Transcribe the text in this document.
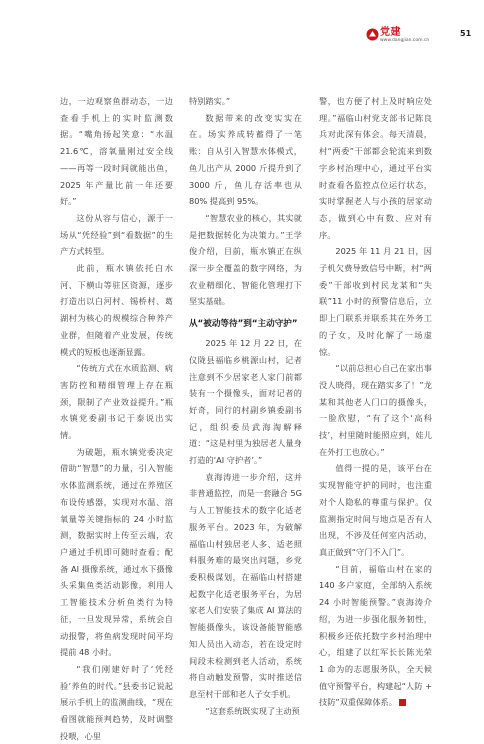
党建
www.dangjian.com.cn
51

边，一边观察鱼群动态，一边查看手机上的实时监测数据。“嘴角扬起笑意：“水温 21.6℃，溶氧量刚过安全线——再等一段时间就能出鱼，2025 年产量比前一年还要好。”

这份从容与信心，源于一场从“凭经验”到“看数据”的生产方式转型。

此前，瓶水镇依托白水河、下横山等驻区资源，逐步打造出以白河村、锡桥村、葛湖村为核心的规模综合种养产业群，但随着产业发展，传统模式的短板也逐渐显露。

“传统方式在水质监测、病害防控和精细管理上存在瓶颈，限制了产业效益提升。”瓶水镇党委副书记于泰说出实情。

为破题，瓶水镇党委决定借助“智慧”的力量，引入智能水体监测系统，通过在养殖区布设传感器，实现对水温、溶氧量等关键指标的 24 小时监测，数据实时上传至云端，农户通过手机即可随时查看；配备 AI 摄像系统，通过水下摄像头采集鱼类活动影像，利用人工智能技术分析鱼类行为特征，一旦发现异常，系统会自动报警，将鱼病发现时间平均提前 48 小时。

“我们刚建好时了‘凭经验’养鱼的时代。”县委书记说起展示手机上的监测曲线，“现在看图就能预判趋势，及时调整投喂，心里

特别踏实。”

数据带来的改变实实在在。场实养成转蓄得了一笔账：自从引入智慧水体模式，鱼儿出产从 2000 斤提升到了 3000 斤，鱼儿存活率也从 80% 提高到 95%。

“智慧农业的核心，其实就是把数据转化为决策力。”王学俊介绍，目前，瓶水镇正在纵深一步全覆盖的数字网络，为农业精细化、智能化管理打下坚实基础。

从“被动等待”到“主动守护”

2025 年 12 月 22 日，在仪陇县福临乡桃源山村，记者注意到不少居家老人家门前都装有一个摄像头，面对记者的好奇，同行的村副乡镇委副书记，组织委员武海淘解释道：“这是村里为独居老人量身打造的‘AI 守护者’。”

袁海涛进一步介绍，这并非普通监控，而是一套融合 5G 与人工智能技术的数字化适老服务平台。2023 年，为破解福临山村独居老人多、适老照料服务难的最突出问题，乡党委积极谋划，在福临山村搭建起数字化适老服务平台，为居家老人们安装了集成 AI 算法的智能摄像头，该设备能智能感知人员出入动态，若在设定时间段未检测到老人活动，系统将自动触发预警，实时推送信息至村干部和老人子女手机。

“这套系统既实现了主动预

警，也方便了村上及时响应处理。”福临山村党支部书记陈良兵对此深有体会。每天清晨，村“两委”干部都会轮流来到数字乡村治理中心，通过平台实时查看各监控点位运行状态，实时掌握老人与小孩的居家动态，做到心中有数、应对有序。

2025 年 11 月 21 日，因子机欠费导致信号中断，村“两委”干部收到村民龙某和“失联”11 小时的预警信息后，立即上门联系并联系其在外务工的子女，及时化解了一场虚惊。

“以前总担心自己在家出事没人晓得，现在踏实多了！”龙某和其他老人门口的摄像头，一脸欣慰，“有了这个‘高科技’，村里随时能照应到，娃儿在外打工也放心。”

值得一提的是，该平台在实现智能守护的同时，也注重对个人隐私的尊重与保护。仅监测指定时间与地点是否有人出现，不涉及任何室内活动，真正做到“守门不入门”。

“目前，福临山村在家的 140 多户家庭，全部纳入系统 24 小时智能预警。”袁海涛介绍，为进一步强化服务韧性，积极乡还依托数字乡村治理中心，组建了以红军长长陈光荣 1 命为的志愿服务队，全天候值守预警平台，构建起“人防 + 技防”双重保障体系。
